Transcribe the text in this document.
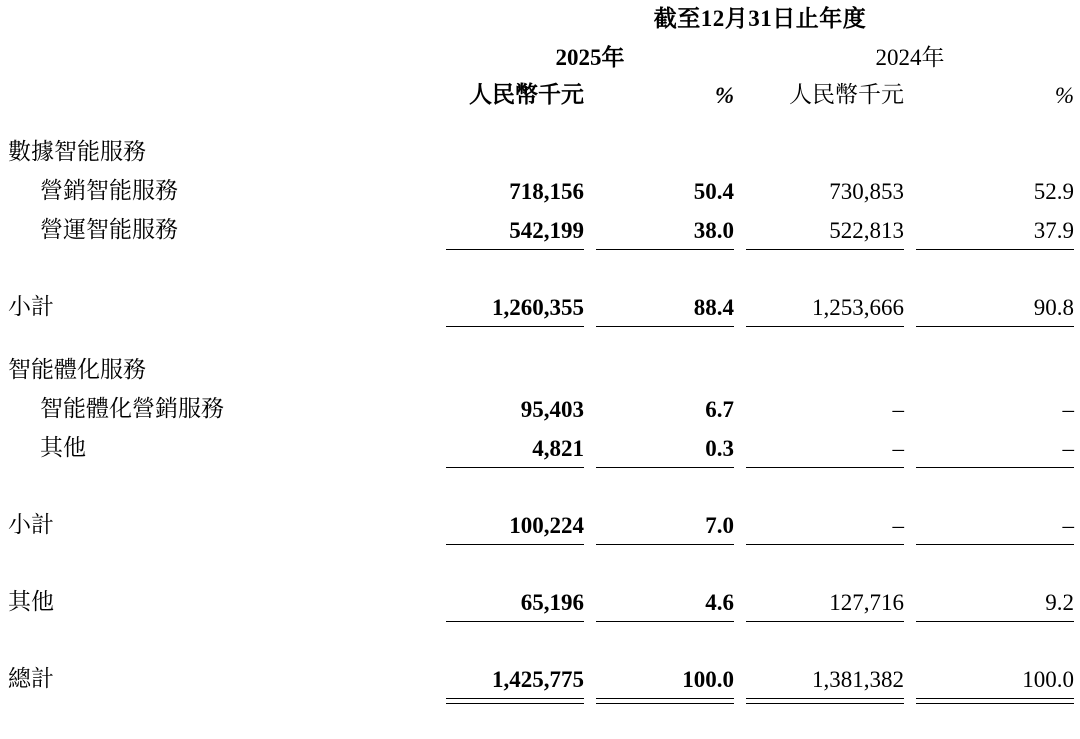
	截至12月31日止年度			
	2025年		2024年	
	人民幣千元	%	人民幣千元	%
數據智能服務				
營銷智能服務	718,156	50.4	730,853	52.9
營運智能服務	542,199	38.0	522,813	37.9

小計	1,260,355	88.4	1,253,666	90.8

智能體化服務				
智能體化營銷服務	95,403	6.7	–	–
其他	4,821	0.3	–	–

小計	100,224	7.0	–	–

其他	65,196	4.6	127,716	9.2

總計	1,425,775	100.0	1,381,382	100.0
